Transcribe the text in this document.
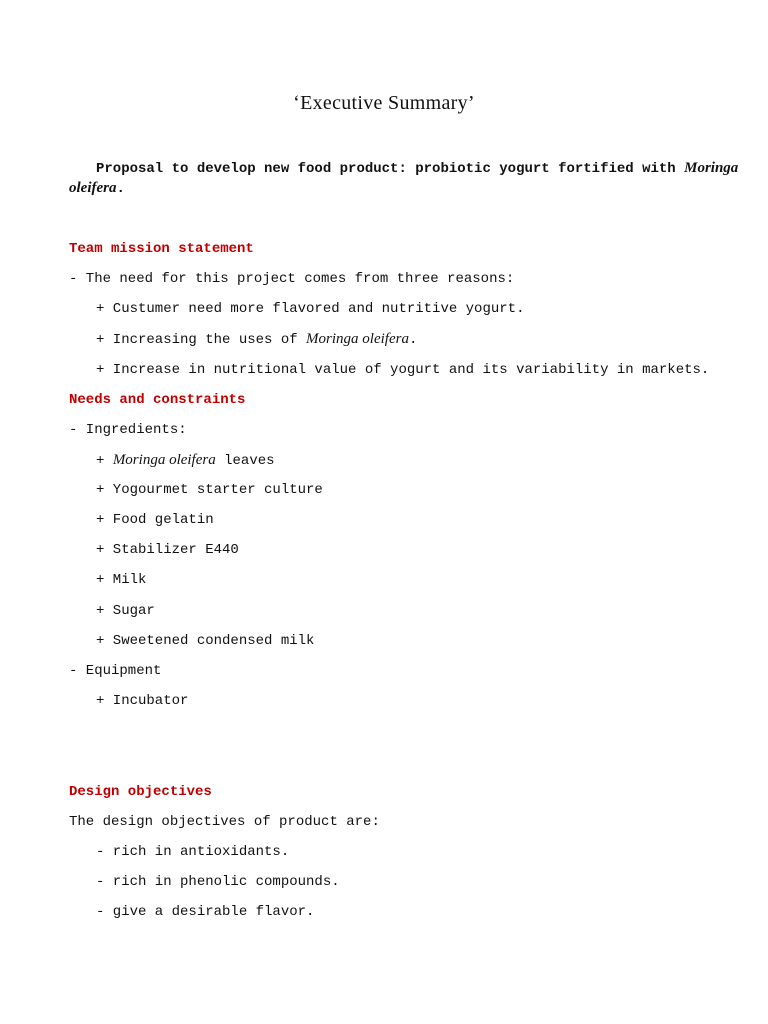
‘Executive Summary’
Proposal to develop new food product: probiotic yogurt fortified with Moringa
oleifera.
Team mission statement
- The need for this project comes from three reasons:
+ Custumer need more flavored and nutritive yogurt.
+ Increasing the uses of Moringa oleifera.
+ Increase in nutritional value of yogurt and its variability in markets.
Needs and constraints
- Ingredients:
+ Moringa oleifera leaves
+ Yogourmet starter culture
+ Food gelatin
+ Stabilizer E440
+ Milk
+ Sugar
+ Sweetened condensed milk
- Equipment
+ Incubator
Design objectives
The design objectives of product are:
- rich in antioxidants.
- rich in phenolic compounds.
- give a desirable flavor.
